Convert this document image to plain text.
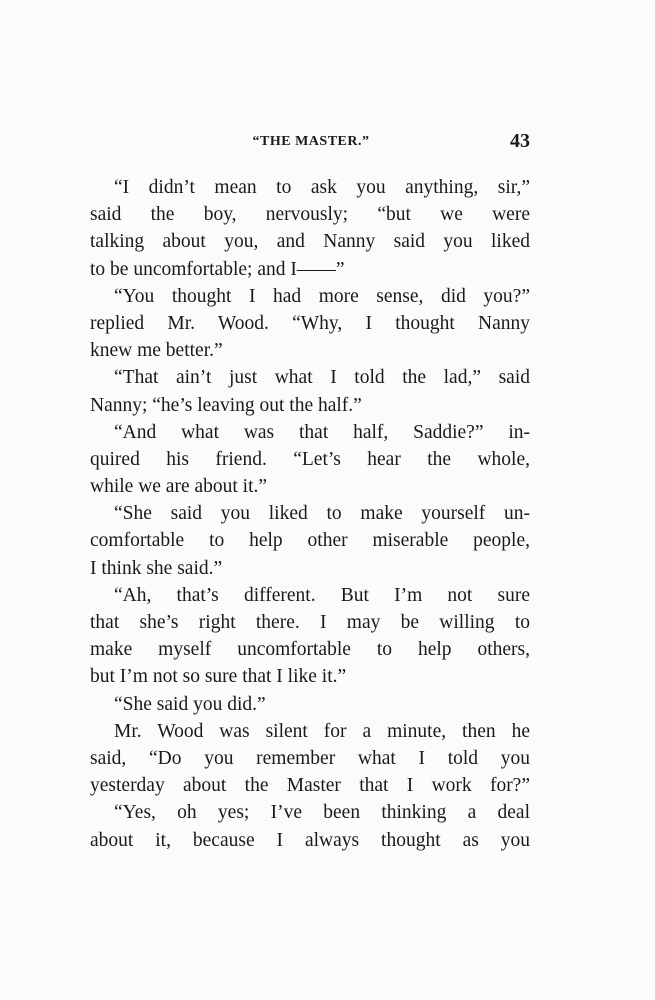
“THE MASTER.”	43
“I didn’t mean to ask you anything, sir,”
said the boy, nervously; “but we were
talking about you, and Nanny said you liked
to be uncomfortable; and I——”
“You thought I had more sense, did you?”
replied Mr. Wood. “Why, I thought Nanny
knew me better.”
“That ain’t just what I told the lad,” said
Nanny; “he’s leaving out the half.”
“And what was that half, Saddie?” in-
quired his friend. “Let’s hear the whole,
while we are about it.”
“She said you liked to make yourself un-
comfortable to help other miserable people,
I think she said.”
“Ah, that’s different. But I’m not sure
that she’s right there. I may be willing to
make myself uncomfortable to help others,
but I’m not so sure that I like it.”
“She said you did.”
Mr. Wood was silent for a minute, then he
said, “Do you remember what I told you
yesterday about the Master that I work for?”
“Yes, oh yes; I’ve been thinking a deal
about it, because I always thought as you
